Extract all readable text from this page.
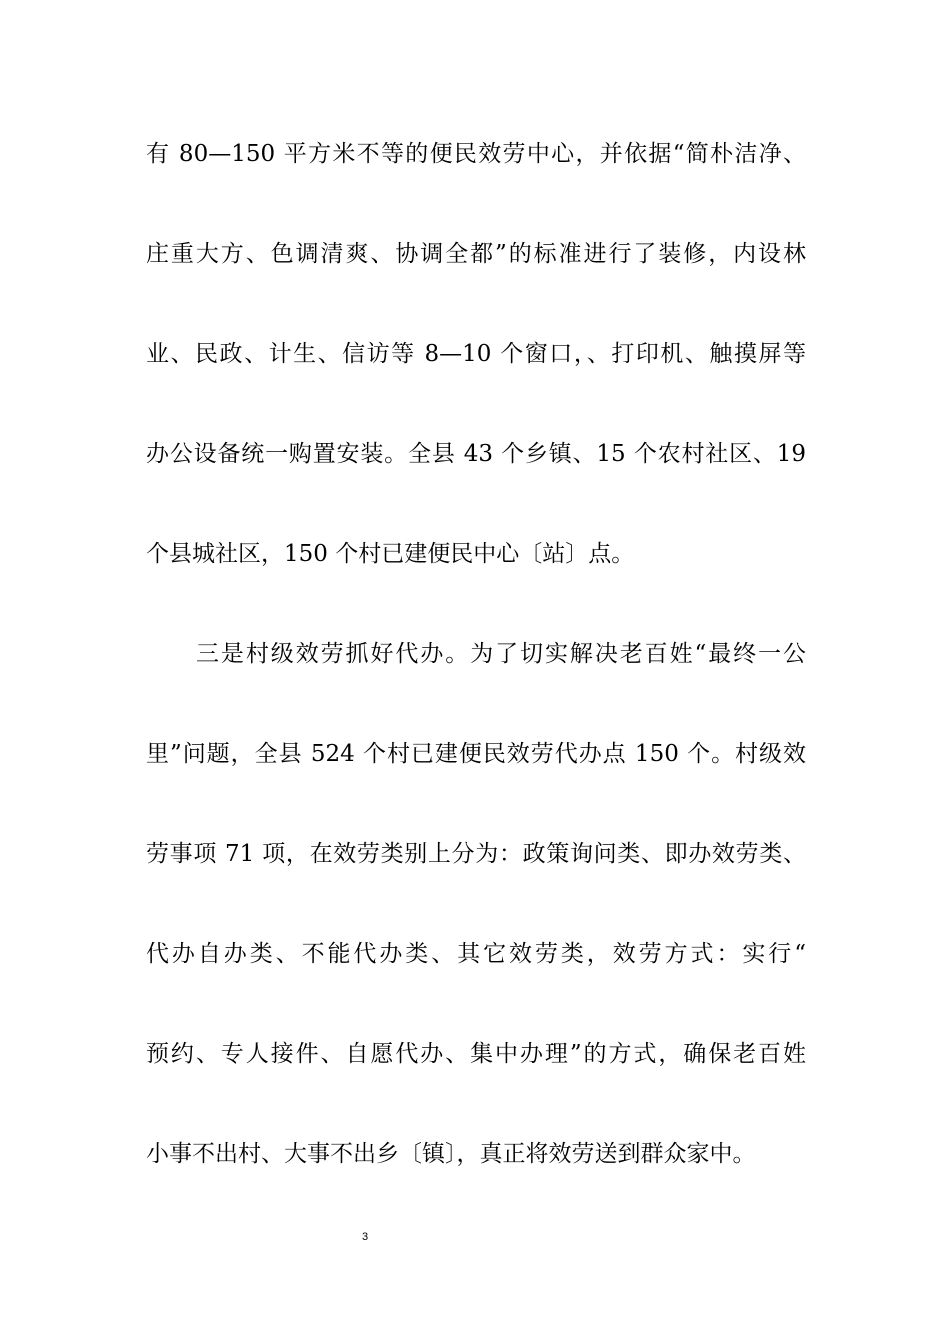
有 80—150 平方米不等的便民效劳中心，并依据“简朴洁净、
庄重大方、色调清爽、协调全都”的标准进行了装修，内设林
业、民政、计生、信访等 8—10 个窗口，、打印机、触摸屏等
办公设备统一购置安装。全县 43 个乡镇、15 个农村社区、19
个县城社区，150 个村已建便民中心〔站〕点。
三是村级效劳抓好代办。为了切实解决老百姓“最终一公
里”问题，全县 524 个村已建便民效劳代办点 150 个。村级效
劳事项 71 项，在效劳类别上分为：政策询问类、即办效劳类、
代办自办类、不能代办类、其它效劳类，效劳方式：实行“
预约、专人接件、自愿代办、集中办理”的方式，确保老百姓
小事不出村、大事不出乡〔镇〕，真正将效劳送到群众家中。
3
